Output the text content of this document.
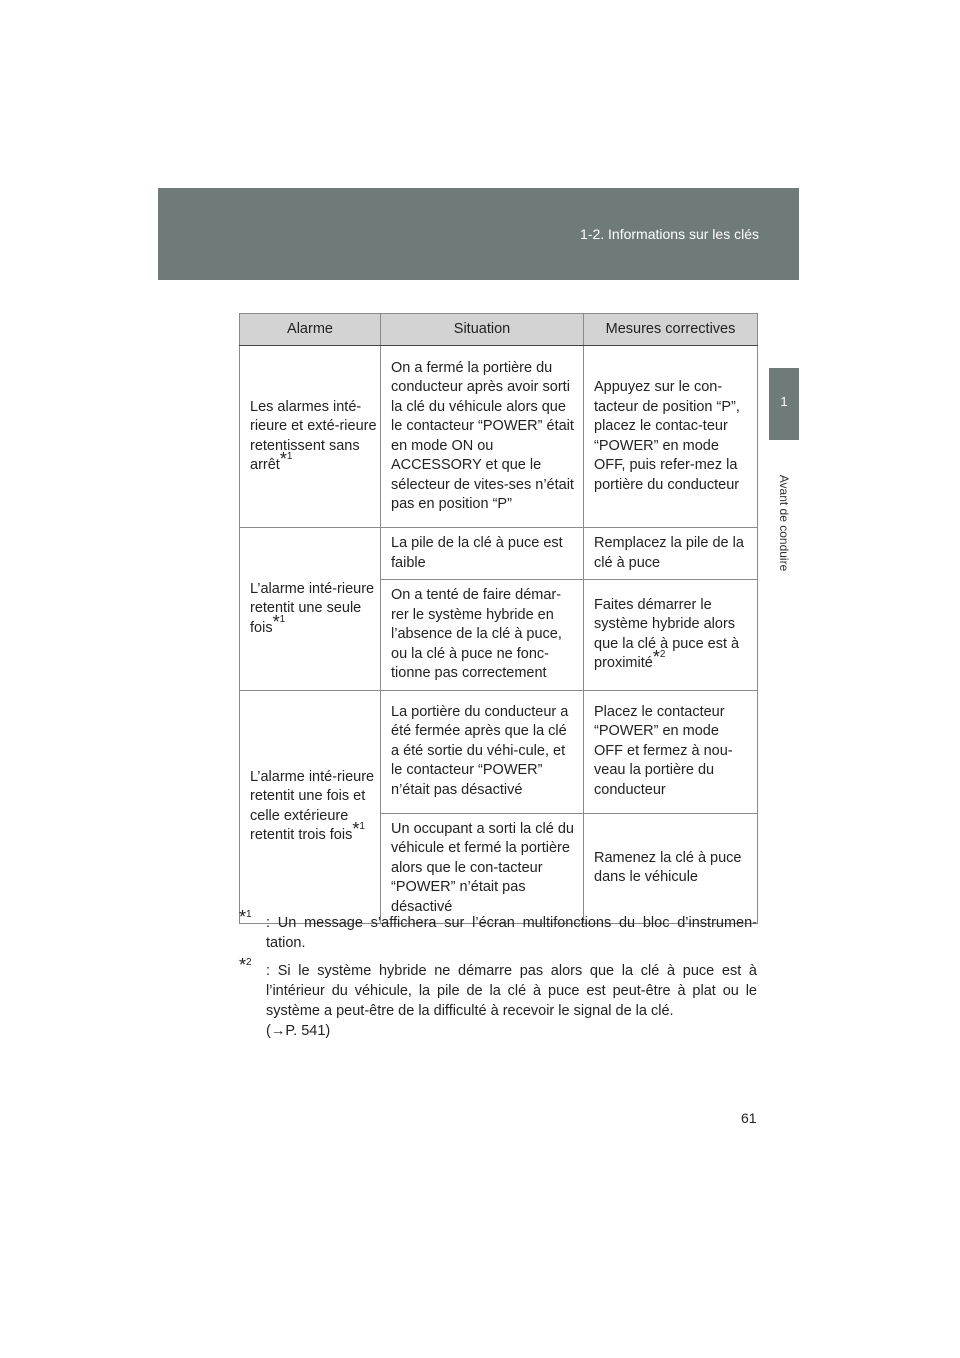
1-2. Informations sur les clés
1
Avant de conduire
Alarme	Situation	Mesures correctives
Les alarmes inté-rieure et exté-rieure retentissent sans arrêt$^{*^1}$	On a fermé la portière du conducteur après avoir sorti la clé du véhicule alors que le contacteur “POWER” était en mode ON ou ACCESSORY et que le sélecteur de vites-ses n’était pas en position “P”	Appuyez sur le con-tacteur de position “P”, placez le contac-teur “POWER” en mode OFF, puis refer-mez la portière du conducteur
L’alarme inté-rieure retentit une seule fois$^{*^1}$	La pile de la clé à puce est faible	Remplacez la pile de la clé à puce
	On a tenté de faire démar-rer le système hybride en l’absence de la clé à puce, ou la clé à puce ne fonc-tionne pas correctement	Faites démarrer le système hybride alors que la clé à puce est à proximité$^{*^2}$
L’alarme inté-rieure retentit une fois et celle extérieure retentit trois fois$^{*^1}$	La portière du conducteur a été fermée après que la clé a été sortie du véhi-cule, et le contacteur “POWER” n’était pas désactivé	Placez le contacteur “POWER” en mode OFF et fermez à nou-veau la portière du conducteur
	Un occupant a sorti la clé du véhicule et fermé la portière alors que le con-tacteur “POWER” n’était pas désactivé	Ramenez la clé à puce dans le véhicule
$^{*^1}$
: Un message s’affichera sur l’écran multifonctions du bloc d’instrumen-tation.
$^{*^2}$
: Si le système hybride ne démarre pas alors que la clé à puce est à l’intérieur du véhicule, la pile de la clé à puce est peut-être à plat ou le système a peut-être de la difficulté à recevoir le signal de la clé.
(→P. 541)
61
